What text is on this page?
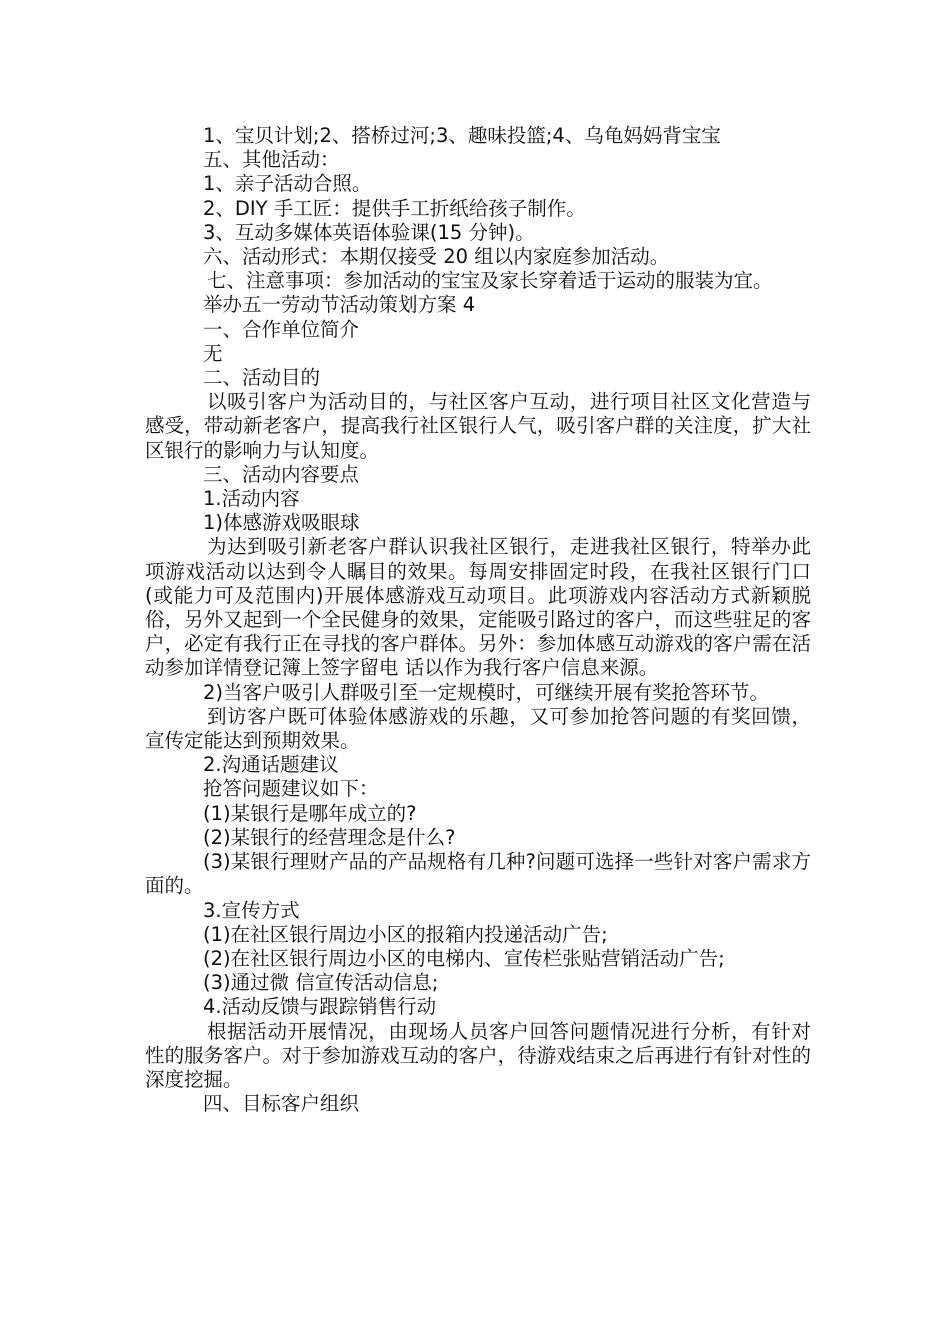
1、宝贝计划;2、搭桥过河;3、趣味投篮;4、乌龟妈妈背宝宝

五、其他活动：

1、亲子活动合照。

2、DIY 手工匠：提供手工折纸给孩子制作。

3、互动多媒体英语体验课(15 分钟)。

六、活动形式：本期仅接受 20 组以内家庭参加活动。

七、注意事项：参加活动的宝宝及家长穿着适于运动的服装为宜。

举办五一劳动节活动策划方案 4

一、合作单位简介

无

二、活动目的

以吸引客户为活动目的，与社区客户互动，进行项目社区文化营造与感受，带动新老客户，提高我行社区银行人气，吸引客户群的关注度，扩大社区银行的影响力与认知度。

三、活动内容要点

1.活动内容

1)体感游戏吸眼球

为达到吸引新老客户群认识我社区银行，走进我社区银行，特举办此项游戏活动以达到令人瞩目的效果。每周安排固定时段，在我社区银行门口(或能力可及范围内)开展体感游戏互动项目。此项游戏内容活动方式新颖脱俗，另外又起到一个全民健身的效果，定能吸引路过的客户，而这些驻足的客户，必定有我行正在寻找的客户群体。另外：参加体感互动游戏的客户需在活动参加详情登记簿上签字留电 话以作为我行客户信息来源。

2)当客户吸引人群吸引至一定规模时，可继续开展有奖抢答环节。

到访客户既可体验体感游戏的乐趣，又可参加抢答问题的有奖回馈，宣传定能达到预期效果。

2.沟通话题建议

抢答问题建议如下：

(1)某银行是哪年成立的?

(2)某银行的经营理念是什么?

(3)某银行理财产品的产品规格有几种?问题可选择一些针对客户需求方面的。

3.宣传方式

(1)在社区银行周边小区的报箱内投递活动广告;

(2)在社区银行周边小区的电梯内、宣传栏张贴营销活动广告;

(3)通过微 信宣传活动信息;

4.活动反馈与跟踪销售行动

根据活动开展情况，由现场人员客户回答问题情况进行分析，有针对性的服务客户。对于参加游戏互动的客户，待游戏结束之后再进行有针对性的深度挖掘。

四、目标客户组织
